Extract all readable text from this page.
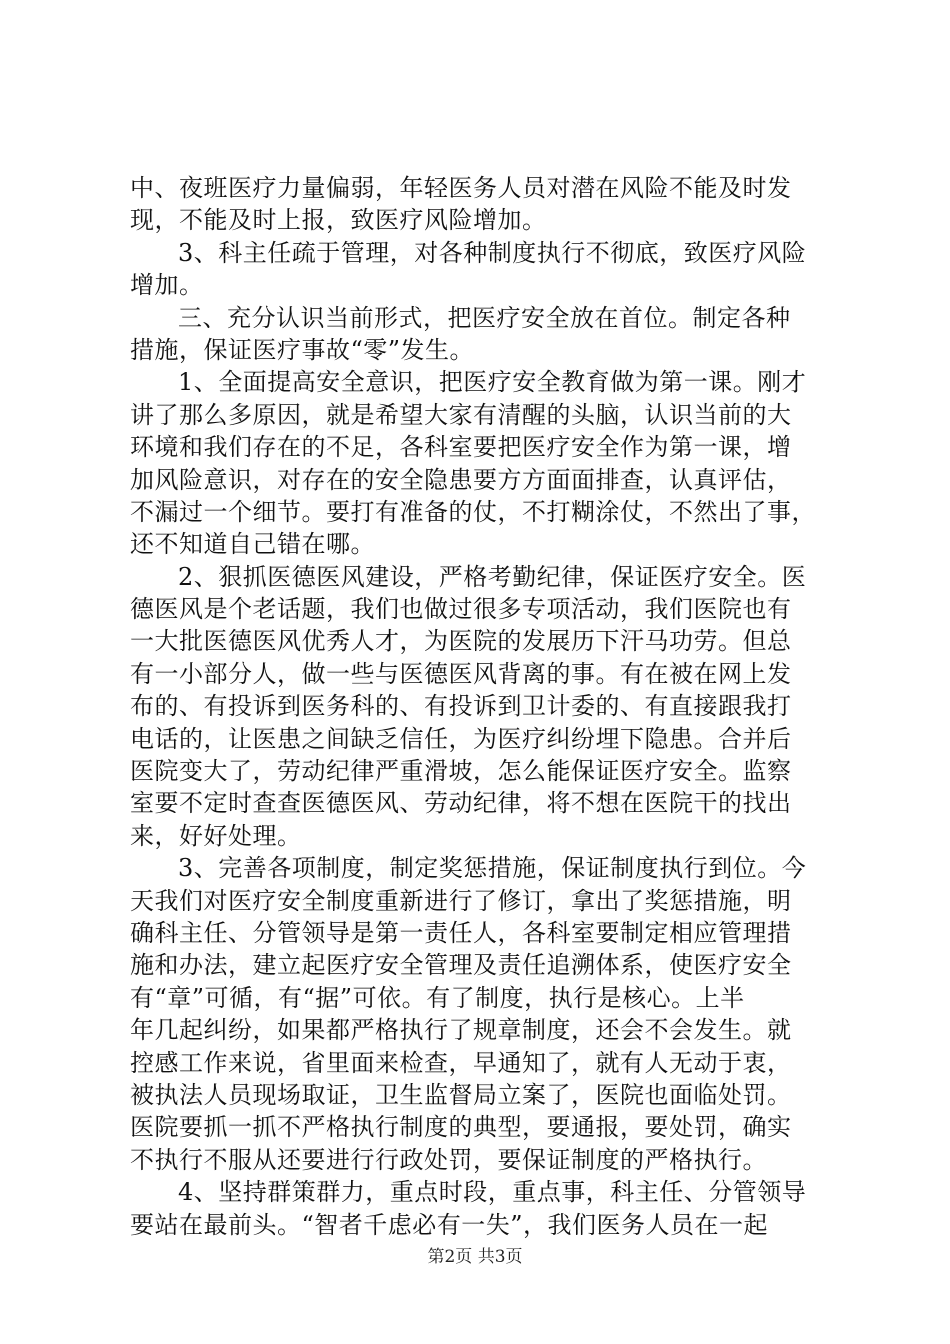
中、夜班医疗力量偏弱，年轻医务人员对潜在风险不能及时发
现，不能及时上报，致医疗风险增加。
3、科主任疏于管理，对各种制度执行不彻底，致医疗风险
增加。
三、充分认识当前形式，把医疗安全放在首位。制定各种
措施，保证医疗事故“零”发生。
1、全面提高安全意识，把医疗安全教育做为第一课。刚才
讲了那么多原因，就是希望大家有清醒的头脑，认识当前的大
环境和我们存在的不足，各科室要把医疗安全作为第一课，增
加风险意识，对存在的安全隐患要方方面面排查，认真评估，
不漏过一个细节。要打有准备的仗，不打糊涂仗，不然出了事，
还不知道自己错在哪。
2、狠抓医德医风建设，严格考勤纪律，保证医疗安全。医
德医风是个老话题，我们也做过很多专项活动，我们医院也有
一大批医德医风优秀人才，为医院的发展历下汗马功劳。但总
有一小部分人，做一些与医德医风背离的事。有在被在网上发
布的、有投诉到医务科的、有投诉到卫计委的、有直接跟我打
电话的，让医患之间缺乏信任，为医疗纠纷埋下隐患。合并后
医院变大了，劳动纪律严重滑坡，怎么能保证医疗安全。监察
室要不定时查查医德医风、劳动纪律，将不想在医院干的找出
来，好好处理。
3、完善各项制度，制定奖惩措施，保证制度执行到位。今
天我们对医疗安全制度重新进行了修订，拿出了奖惩措施，明
确科主任、分管领导是第一责任人，各科室要制定相应管理措
施和办法，建立起医疗安全管理及责任追溯体系，使医疗安全
有“章”可循，有“据”可依。有了制度，执行是核心。上半
年几起纠纷，如果都严格执行了规章制度，还会不会发生。就
控感工作来说，省里面来检查，早通知了，就有人无动于衷，
被执法人员现场取证，卫生监督局立案了，医院也面临处罚。
医院要抓一抓不严格执行制度的典型，要通报，要处罚，确实
不执行不服从还要进行行政处罚，要保证制度的严格执行。
4、坚持群策群力，重点时段，重点事，科主任、分管领导
要站在最前头。“智者千虑必有一失”，我们医务人员在一起
第2页 共3页
